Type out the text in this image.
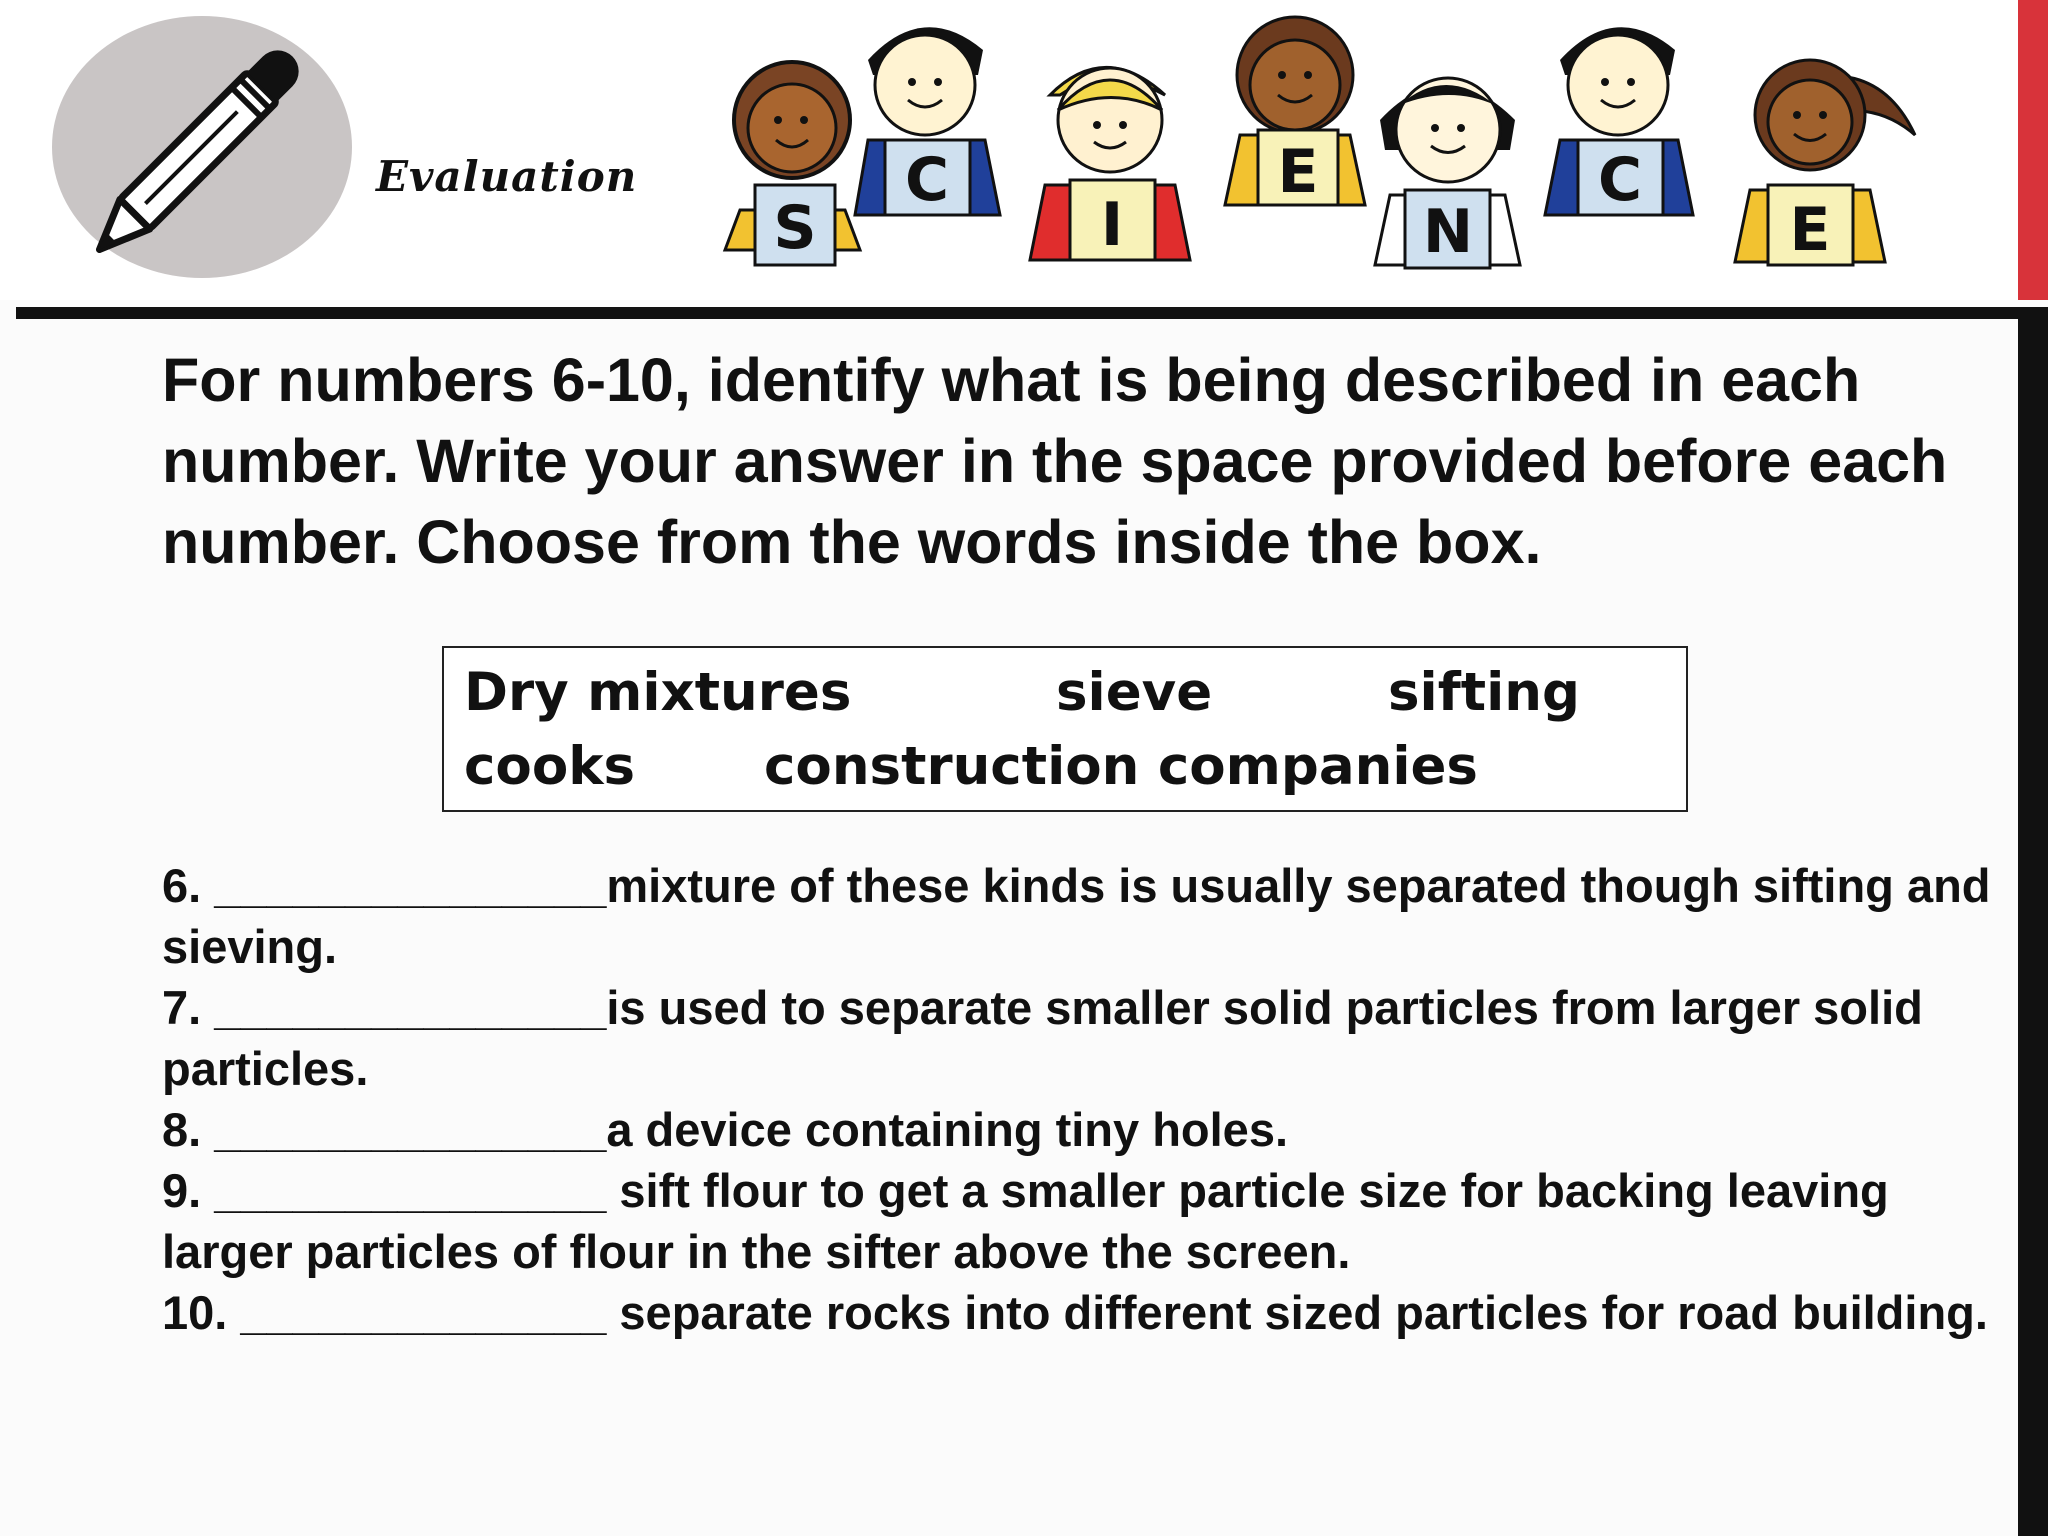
Evaluation
S
C
I
E
N
C
E

For numbers 6-10, identify what is being described in each number. Write your answer in the space provided before each number. Choose from the words inside the box.

Dry mixtures	sieve	sifting
cooks construction companies

6. _______________mixture of these kinds is usually separated though sifting and sieving.

7. _______________is used to separate smaller solid particles from larger solid particles.

8. _______________a device containing tiny holes.

9. _______________ sift flour to get a smaller particle size for backing leaving larger particles of flour in the sifter above the screen.

10. ______________ separate rocks into different sized particles for road building.
